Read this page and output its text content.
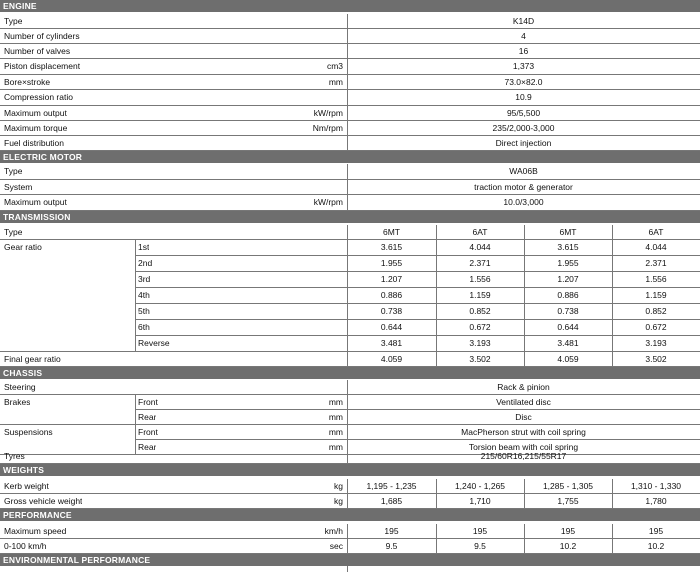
ENGINE
Type	K14D
Number of cylinders	4
Number of valves	16
Piston displacement	cm3	1,373
Bore×stroke	mm	73.0×82.0
Compression ratio	10.9
Maximum output	kW/rpm	95/5,500
Maximum torque	Nm/rpm	235/2,000-3,000
Fuel distribution	Direct injection
ELECTRIC MOTOR
Type	WA06B
System	traction motor & generator
Maximum output	kW/rpm	10.0/3,000
TRANSMISSION
Type	6MT	6AT	6MT	6AT
Gear ratio	1st	3.615	4.044	3.615	4.044
2nd	1.955	2.371	1.955	2.371
3rd	1.207	1.556	1.207	1.556
4th	0.886	1.159	0.886	1.159
5th	0.738	0.852	0.738	0.852
6th	0.644	0.672	0.644	0.672
Reverse	3.481	3.193	3.481	3.193
Final gear ratio	4.059	3.502	4.059	3.502
CHASSIS
Steering	Rack & pinion
Brakes	Front	mm	Ventilated disc
Rear	mm	Disc
Suspensions	Front	mm	MacPherson strut with coil spring
Rear	mm	Torsion beam with coil spring
Tyres	215/60R16,215/55R17
WEIGHTS
Kerb weight	kg	1,195 - 1,235	1,240 - 1,265	1,285 - 1,305	1,310 - 1,330
Gross vehicle weight	kg	1,685	1,710	1,755	1,780
PERFORMANCE
Maximum speed	km/h	195	195	195	195
0-100 km/h	sec	9.5	9.5	10.2	10.2
ENVIRONMENTAL PERFORMANCE
